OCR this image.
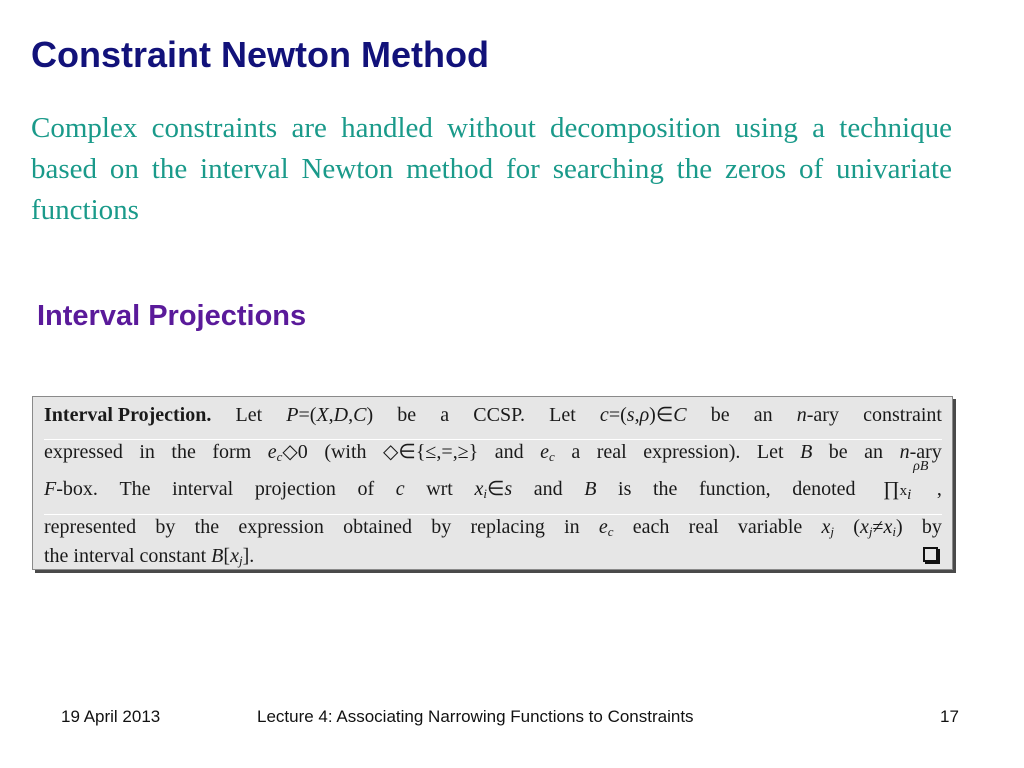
Constraint Newton Method

Complex constraints are handled without decomposition using a technique based on the interval Newton method for searching the zeros of univariate functions

Interval Projections
Interval Projection. Let P=(X,D,C) be a CCSP. Let c=(s,ρ)∈C be an n-ary constraint
expressed in the form $e_c◇0$ (with ◇∈{≤,=,≥} and $e_c$ a real expression). Let B be an n-ary
F-box. The interval projection of c wrt $x_i\in s$ and B is the function, denoted $\prod x_i$
ρB
,
represented by the expression obtained by replacing in $e_c$ each real variable $x_j$ $(x_j\ne x_i)$ by
the interval constant $B[x_j]$.
19 April 2013	Lecture 4: Associating Narrowing Functions to Constraints	17
